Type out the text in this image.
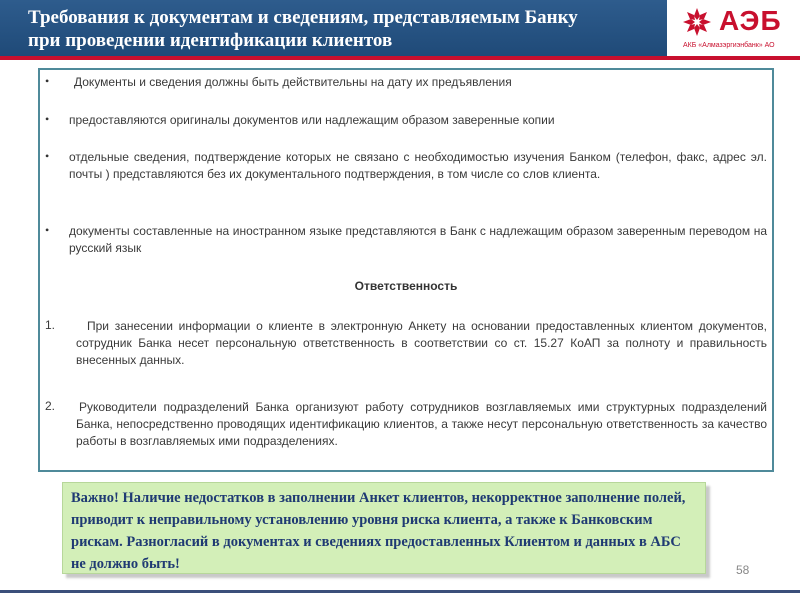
Требования к документам и сведениям, представляемым Банку
при проведении идентификации клиентов
АЭБ
АКБ «Алмазэргиэнбанк» АО
• Документы и сведения должны быть действительны на дату их предъявления
• предоставляются оригиналы документов или надлежащим образом заверенные копии
• отдельные сведения, подтверждение которых не связано с необходимостью изучения Банком (телефон, факс, адрес эл. почты ) представляются без их документального подтверждения, в том числе со слов клиента.
• документы составленные на иностранном языке представляются в Банк с надлежащим образом заверенным переводом на русский язык
Ответственность
1.	При занесении информации о клиенте в электронную Анкету на основании предоставленных клиентом документов, сотрудник Банка несет персональную ответственность в соответствии со ст. 15.27 КоАП за полноту и правильность внесенных данных.
2. Руководители подразделений Банка организуют работу сотрудников возглавляемых ими структурных подразделений Банка, непосредственно проводящих идентификацию клиентов, а также несут персональную ответственность за качество работы в возглавляемых ими подразделениях.
Важно! Наличие недостатков в заполнении Анкет клиентов, некорректное заполнение полей, приводит к неправильному установлению уровня риска клиента, а также к Банковским рискам. Разногласий в документах и сведениях предоставленных Клиентом и данных в АБС не должно быть!	58
